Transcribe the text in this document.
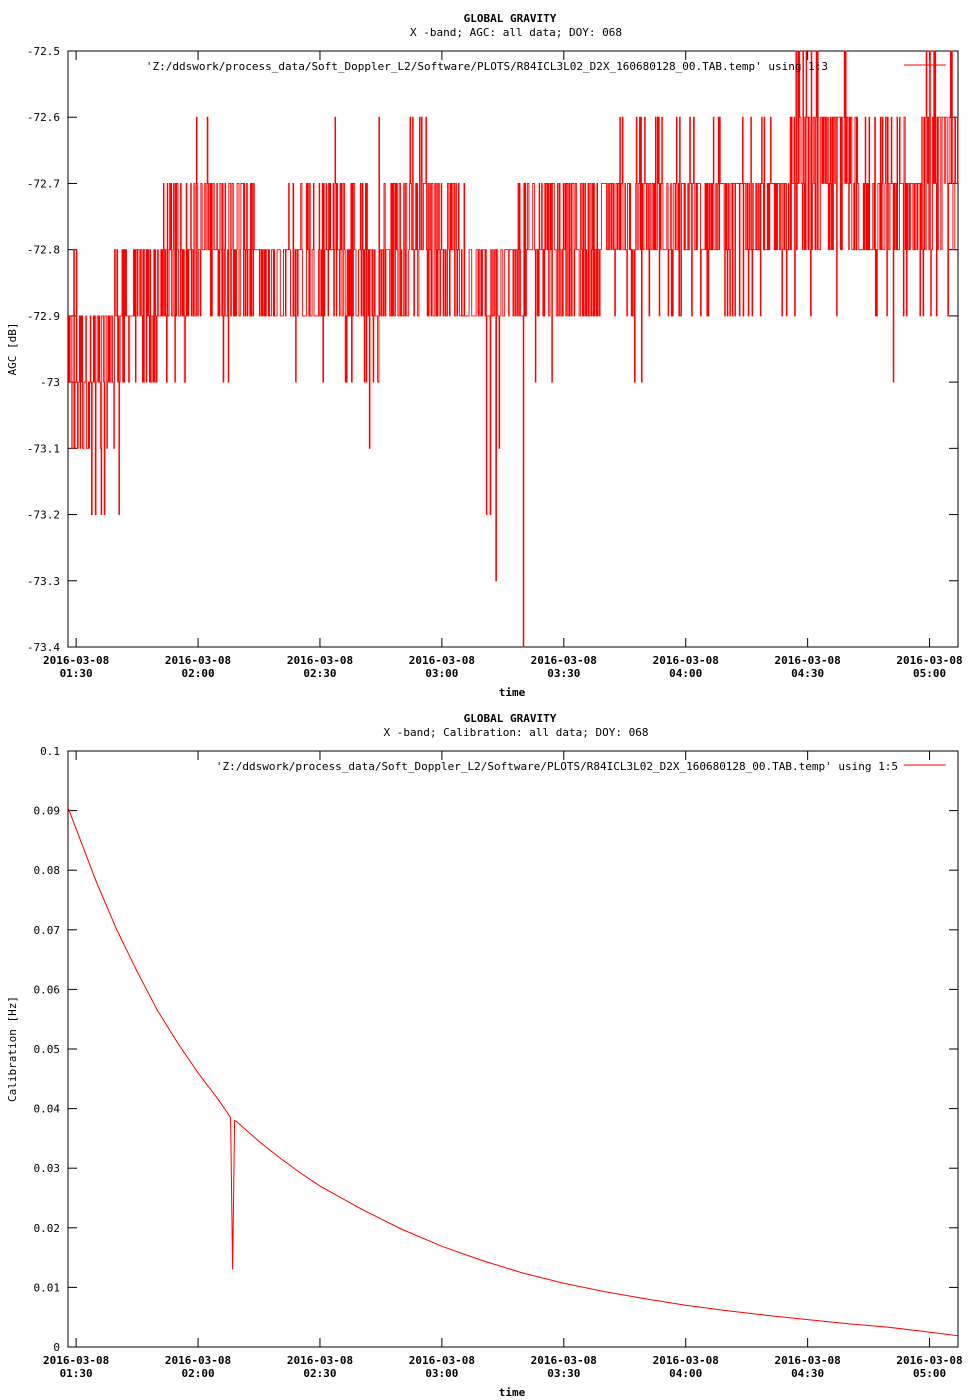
GLOBAL GRAVITY
X -band; AGC: all data; DOY: 068
-72.5
-72.6
-72.7
-72.8
-72.9
-73
-73.1
-73.2
-73.3
-73.4
2016-03-08
01:30
2016-03-08
02:00
2016-03-08
02:30
2016-03-08
03:00
2016-03-08
03:30
2016-03-08
04:00
2016-03-08
04:30
2016-03-08
05:00
'Z:/ddswork/process_data/Soft_Doppler_L2/Software/PLOTS/R84ICL3L02_D2X_160680128_00.TAB.temp' using 1:3
time
AGC [dB]
GLOBAL GRAVITY
X -band; Calibration: all data; DOY: 068
0.1
0.09
0.08
0.07
0.06
0.05
0.04
0.03
0.02
0.01
0
2016-03-08
01:30
2016-03-08
02:00
2016-03-08
02:30
2016-03-08
03:00
2016-03-08
03:30
2016-03-08
04:00
2016-03-08
04:30
2016-03-08
05:00
'Z:/ddswork/process_data/Soft_Doppler_L2/Software/PLOTS/R84ICL3L02_D2X_160680128_00.TAB.temp' using 1:5
time
Calibration [Hz]
